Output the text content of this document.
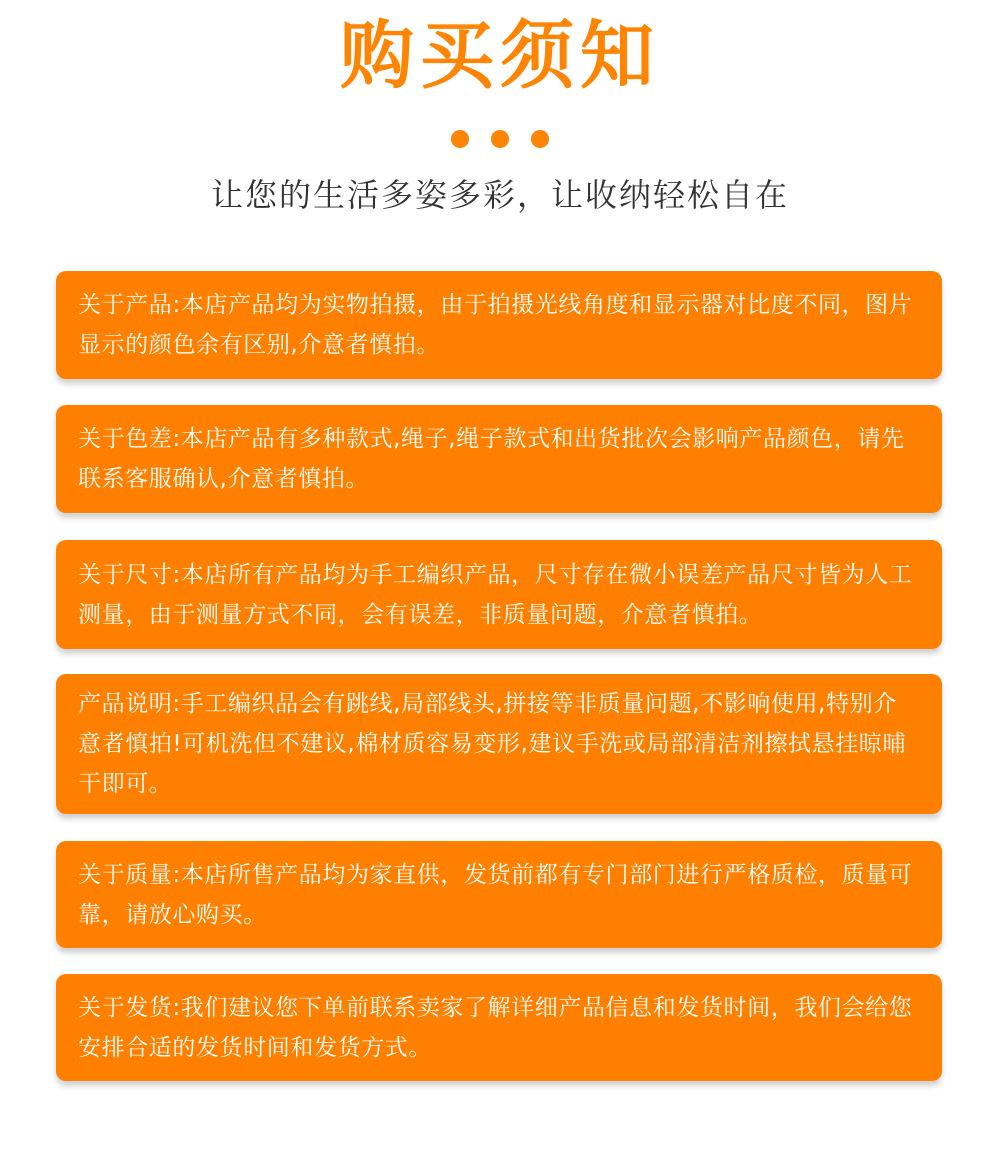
购买须知
让您的生活多姿多彩，让收纳轻松自在

关于产品:本店产品均为实物拍摄，由于拍摄光线角度和显示器对比度不同，图片显示的颜色余有区别,介意者慎拍。

关于色差:本店产品有多种款式,绳子,绳子款式和出货批次会影响产品颜色，请先联系客服确认,介意者慎拍。

关于尺寸:本店所有产品均为手工编织产品，尺寸存在微小误差产品尺寸皆为人工测量，由于测量方式不同，会有误差，非质量问题，介意者慎拍。

产品说明:手工编织品会有跳线,局部线头,拼接等非质量问题,不影响使用,特别介意者慎拍!可机洗但不建议,棉材质容易变形,建议手洗或局部清洁剂擦拭悬挂晾晡干即可。

关于质量:本店所售产品均为家直供，发货前都有专门部门进行严格质检，质量可靠，请放心购买。

关于发货:我们建议您下单前联系卖家了解详细产品信息和发货时间，我们会给您安排合适的发货时间和发货方式。
